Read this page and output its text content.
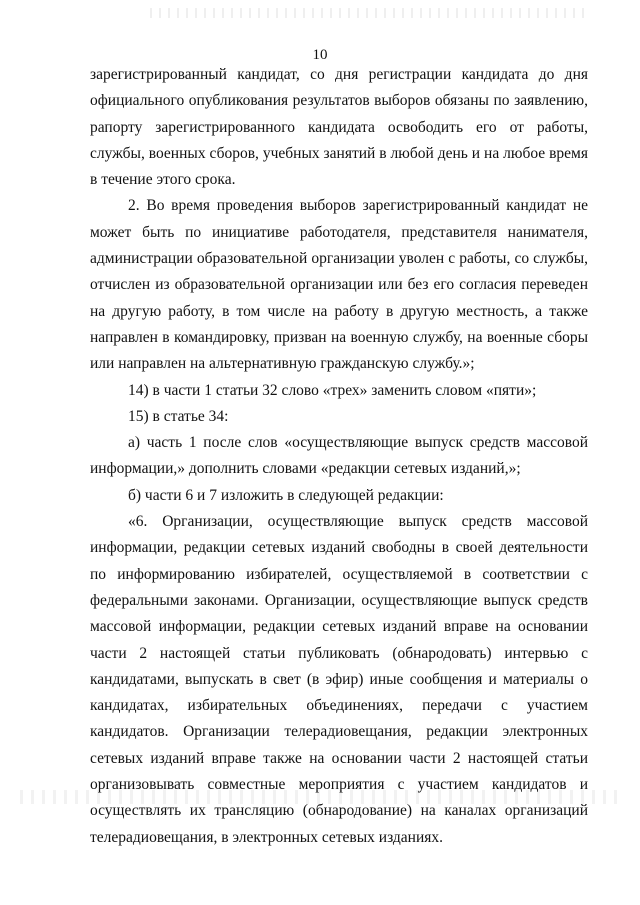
10

зарегистрированный кандидат, со дня регистрации кандидата до дня официального опубликования результатов выборов обязаны по заявлению, рапорту зарегистрированного кандидата освободить его от работы, службы, военных сборов, учебных занятий в любой день и на любое время в течение этого срока.

2. Во время проведения выборов зарегистрированный кандидат не может быть по инициативе работодателя, представителя нанимателя, администрации образовательной организации уволен с работы, со службы, отчислен из образовательной организации или без его согласия переведен на другую работу, в том числе на работу в другую местность, а также направлен в командировку, призван на военную службу, на военные сборы или направлен на альтернативную гражданскую службу.»;

14) в части 1 статьи 32 слово «трех» заменить словом «пяти»;

15) в статье 34:

а) часть 1 после слов «осуществляющие выпуск средств массовой информации,» дополнить словами «редакции сетевых изданий,»;

б) части 6 и 7 изложить в следующей редакции:

«6. Организации, осуществляющие выпуск средств массовой информации, редакции сетевых изданий свободны в своей деятельности по информированию избирателей, осуществляемой в соответствии с федеральными законами. Организации, осуществляющие выпуск средств массовой информации, редакции сетевых изданий вправе на основании части 2 настоящей статьи публиковать (обнародовать) интервью с кандидатами, выпускать в свет (в эфир) иные сообщения и материалы о кандидатах, избирательных объединениях, передачи с участием кандидатов. Организации телерадиовещания, редакции электронных сетевых изданий вправе также на основании части 2 настоящей статьи организовывать совместные мероприятия с участием кандидатов и осуществлять их трансляцию (обнародование) на каналах организаций телерадиовещания, в электронных сетевых изданиях.
